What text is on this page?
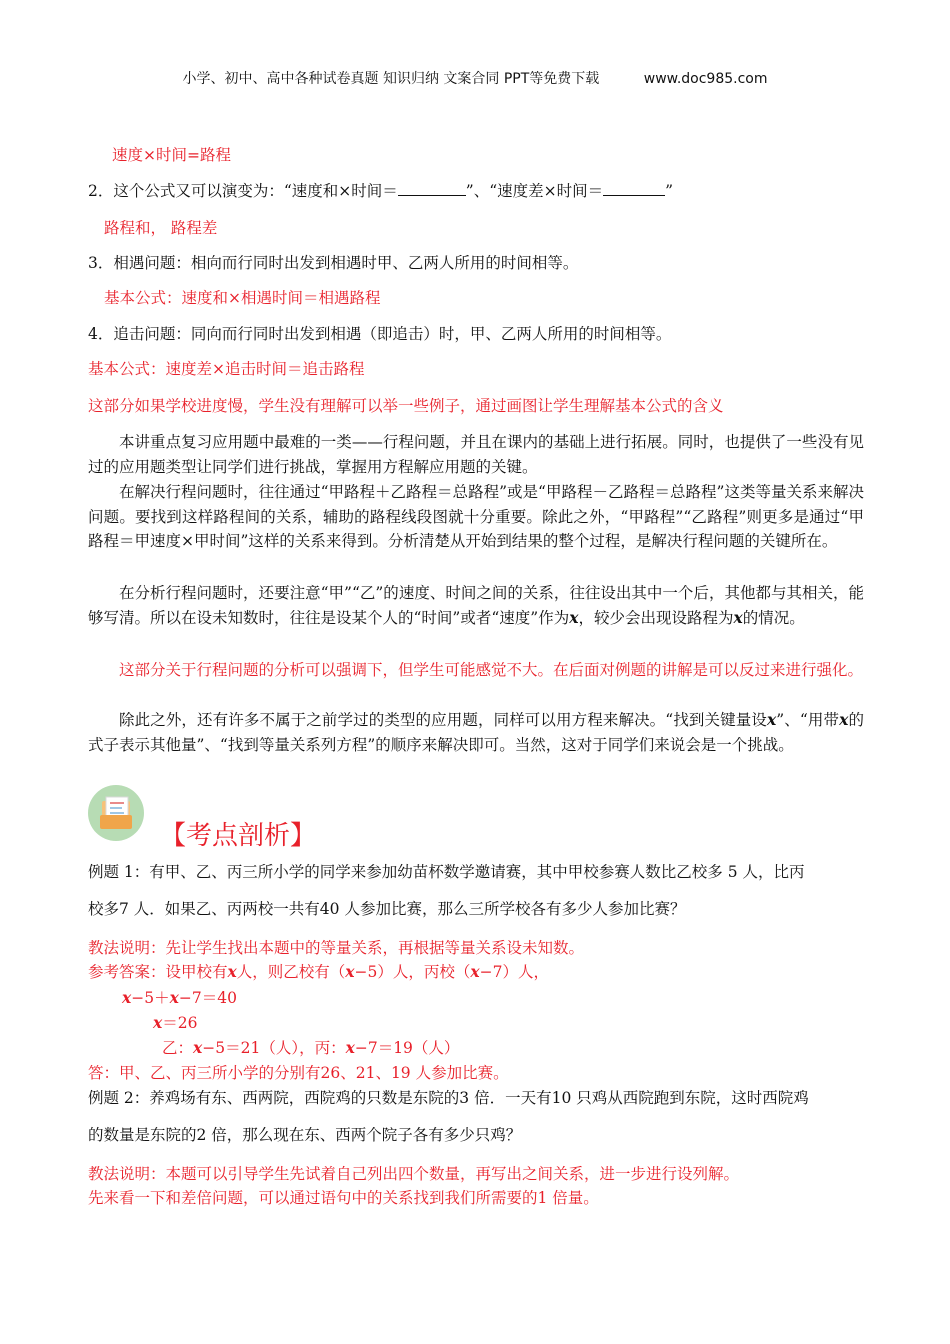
小学、初中、高中各种试卷真题 知识归纳 文案合同 PPT等免费下载	www.doc985.com
速度×时间=路程
2．这个公式又可以演变为：“速度和×时间＝	”、“速度差×时间＝	”
路程和， 路程差
3．相遇问题：相向而行同时出发到相遇时甲、乙两人所用的时间相等。
基本公式：速度和×相遇时间＝相遇路程
4．追击问题：同向而行同时出发到相遇（即追击）时，甲、乙两人所用的时间相等。
基本公式：速度差×追击时间＝追击路程
这部分如果学校进度慢，学生没有理解可以举一些例子，通过画图让学生理解基本公式的含义
本讲重点复习应用题中最难的一类——行程问题，并且在课内的基础上进行拓展。同时，也提供了一些没有见过的应用题类型让同学们进行挑战，掌握用方程解应用题的关键。
在解决行程问题时，往往通过“甲路程＋乙路程＝总路程”或是“甲路程－乙路程＝总路程”这类等量关系来解决问题。要找到这样路程间的关系，辅助的路程线段图就十分重要。除此之外，“甲路程”“乙路程”则更多是通过“甲路程＝甲速度×甲时间”这样的关系来得到。分析清楚从开始到结果的整个过程，是解决行程问题的关键所在。
在分析行程问题时，还要注意“甲”“乙”的速度、时间之间的关系，往往设出其中一个后，其他都与其相关，能够写清。所以在设未知数时，往往是设某个人的“时间”或者“速度”作为x，较少会出现设路程为x的情况。
这部分关于行程问题的分析可以强调下，但学生可能感觉不大。在后面对例题的讲解是可以反过来进行强化。
除此之外，还有许多不属于之前学过的类型的应用题，同样可以用方程来解决。“找到关键量设x”、“用带x的式子表示其他量”、“找到等量关系列方程”的顺序来解决即可。当然，这对于同学们来说会是一个挑战。
【考点剖析】
例题 1：有甲、乙、丙三所小学的同学来参加幼苗杯数学邀请赛，其中甲校参赛人数比乙校多 5 人，比丙
校多7 人．如果乙、丙两校一共有40 人参加比赛，那么三所学校各有多少人参加比赛？
教法说明：先让学生找出本题中的等量关系，再根据等量关系设未知数。
参考答案：设甲校有x人，则乙校有（x−5）人，丙校（x−7）人，
x−5＋x−7＝40
x＝26
乙：x−5＝21（人），丙：x−7＝19（人）
答：甲、乙、丙三所小学的分别有26、21、19 人参加比赛。
例题 2：养鸡场有东、西两院，西院鸡的只数是东院的3 倍．一天有10 只鸡从西院跑到东院，这时西院鸡
的数量是东院的2 倍，那么现在东、西两个院子各有多少只鸡？
教法说明：本题可以引导学生先试着自己列出四个数量，再写出之间关系，进一步进行设列解。
先来看一下和差倍问题，可以通过语句中的关系找到我们所需要的1 倍量。
